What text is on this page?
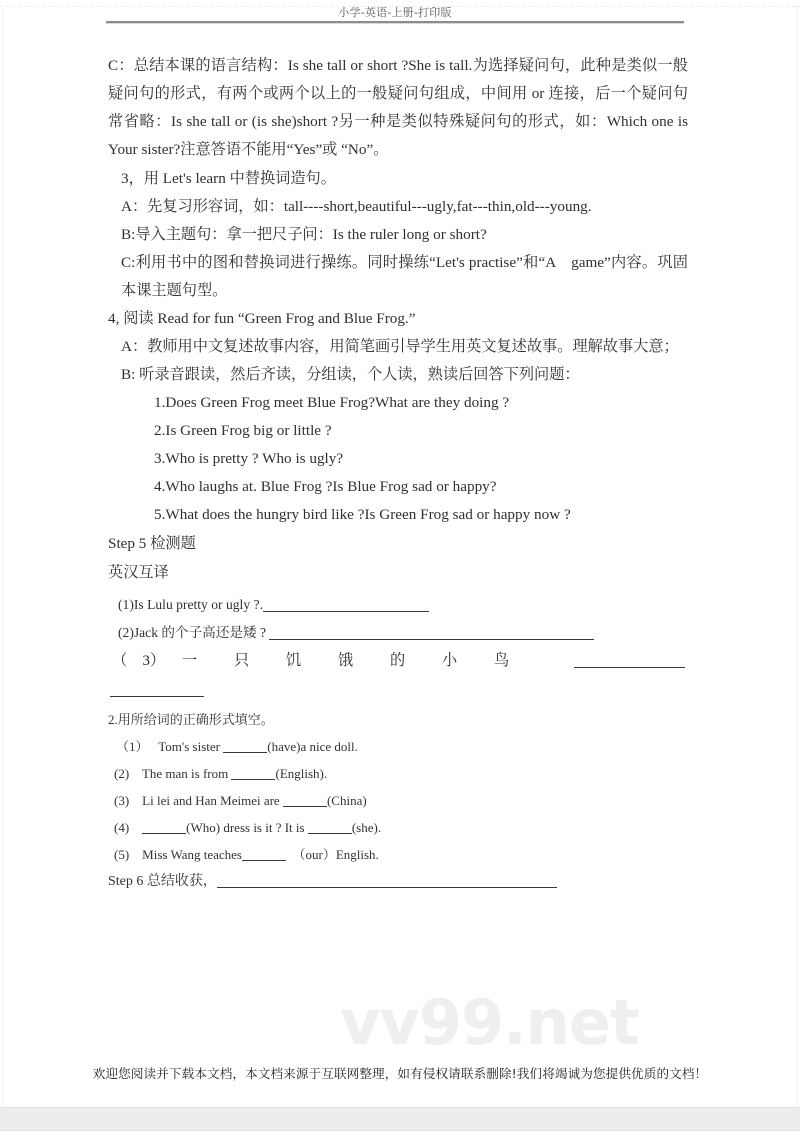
小学-英语-上册-打印版

C：总结本课的语言结构：Is she tall or short ?She is tall.为选择疑问句，此种是类似一般疑问句的形式，有两个或两个以上的一般疑问句组成，中间用 or 连接，后一个疑问句常省略：Is she tall or (is she)short ?另一种是类似特殊疑问句的形式，如：Which one is Your sister?注意答语不能用“Yes”或 “No”。

3，用 Let's learn 中替换词造句。

A：先复习形容词，如：tall----short,beautiful---ugly,fat---thin,old---young.

B:导入主题句：拿一把尺子问：Is the ruler long or short?

C:利用书中的图和替换词进行操练。同时操练“Let's practise”和“A　game”内容。巩固本课主题句型。

4, 阅读 Read for fun “Green Frog and Blue Frog.”

A：教师用中文复述故事内容，用简笔画引导学生用英文复述故事。理解故事大意；

B: 听录音跟读，然后齐读，分组读，个人读，熟读后回答下列问题：

1.Does Green Frog meet Blue Frog?What are they doing ?

2.Is Green Frog big or little ?

3.Who is pretty ? Who is ugly?

4.Who laughs at. Blue Frog ?Is Blue Frog sad or happy?

5.What does the hungry bird like ?Is Green Frog sad or happy now ?

Step 5 检测题

英汉互译

(1)Is Lulu pretty or ugly ?.

(2)Jack 的个子高还是矮 ?

（　3） 一 只 饥 饿 的 小 鸟

2.用所给词的正确形式填空。

（1） Tom's sister	(have)a nice doll.

(2) The man is from	(English).

(3) Li lei and Han Meimei are	(China)

(4)	(Who) dress is it ? It is	(she).

(5) Miss Wang teaches	（our）English.

Step 6 总结收获，

vv99.net
欢迎您阅读并下载本文档，本文档来源于互联网整理，如有侵权请联系删除!我们将竭诚为您提供优质的文档！
